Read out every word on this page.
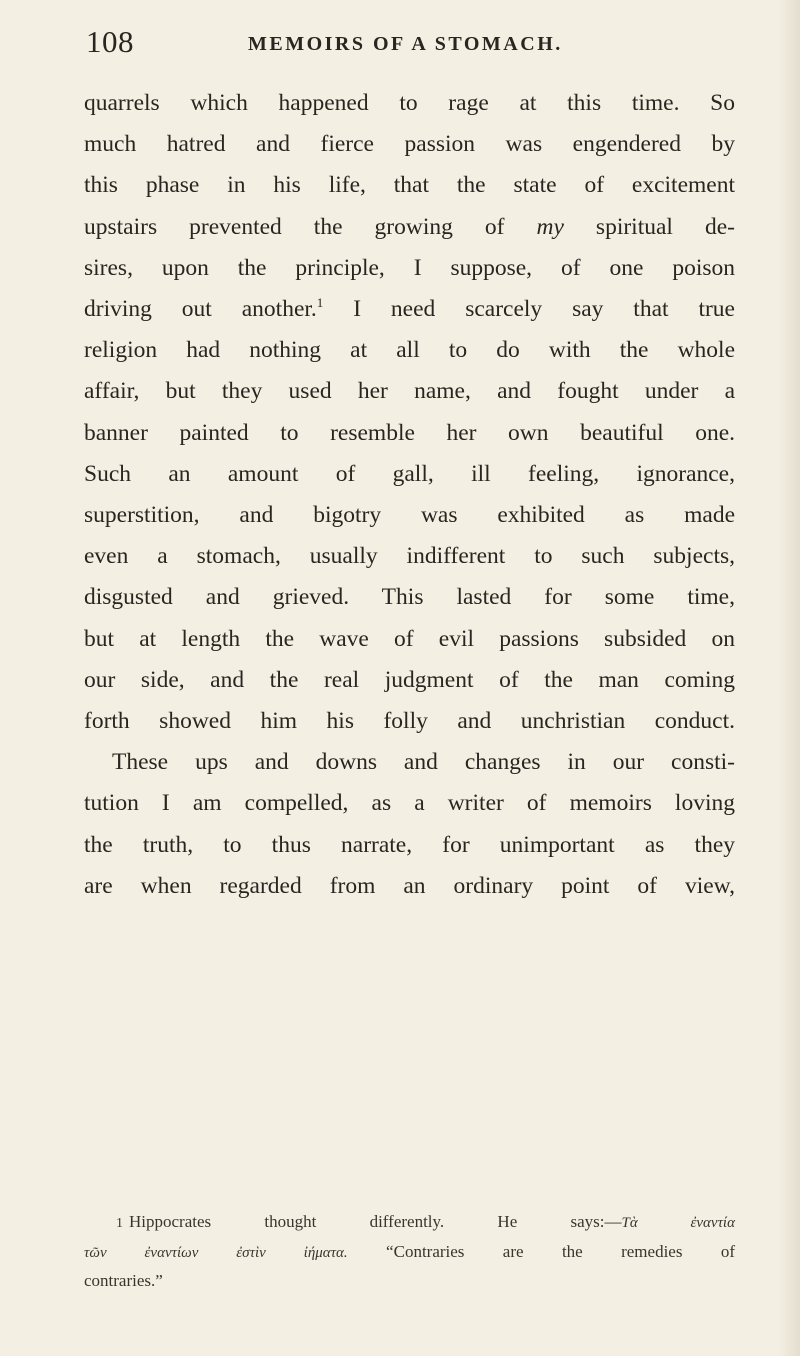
108	MEMOIRS OF A STOMACH.
quarrels which happened to rage at this time. So
much hatred and fierce passion was engendered by
this phase in his life, that the state of excitement
upstairs prevented the growing of my spiritual de-
sires, upon the principle, I suppose, of one poison
driving out another.$^1$ I need scarcely say that true
religion had nothing at all to do with the whole
affair, but they used her name, and fought under a
banner painted to resemble her own beautiful one.
Such an amount of gall, ill feeling, ignorance,
superstition, and bigotry was exhibited as made
even a stomach, usually indifferent to such subjects,
disgusted and grieved. This lasted for some time,
but at length the wave of evil passions subsided on
our side, and the real judgment of the man coming
forth showed him his folly and unchristian conduct.
These ups and downs and changes in our consti-
tution I am compelled, as a writer of memoirs loving
the truth, to thus narrate, for unimportant as they
are when regarded from an ordinary point of view,
1 Hippocrates thought differently. He says:—Τὰ ἐναντία
τῶν ἐναντίων ἐστὶν ἰήματα. “Contraries are the remedies of
contraries.”
